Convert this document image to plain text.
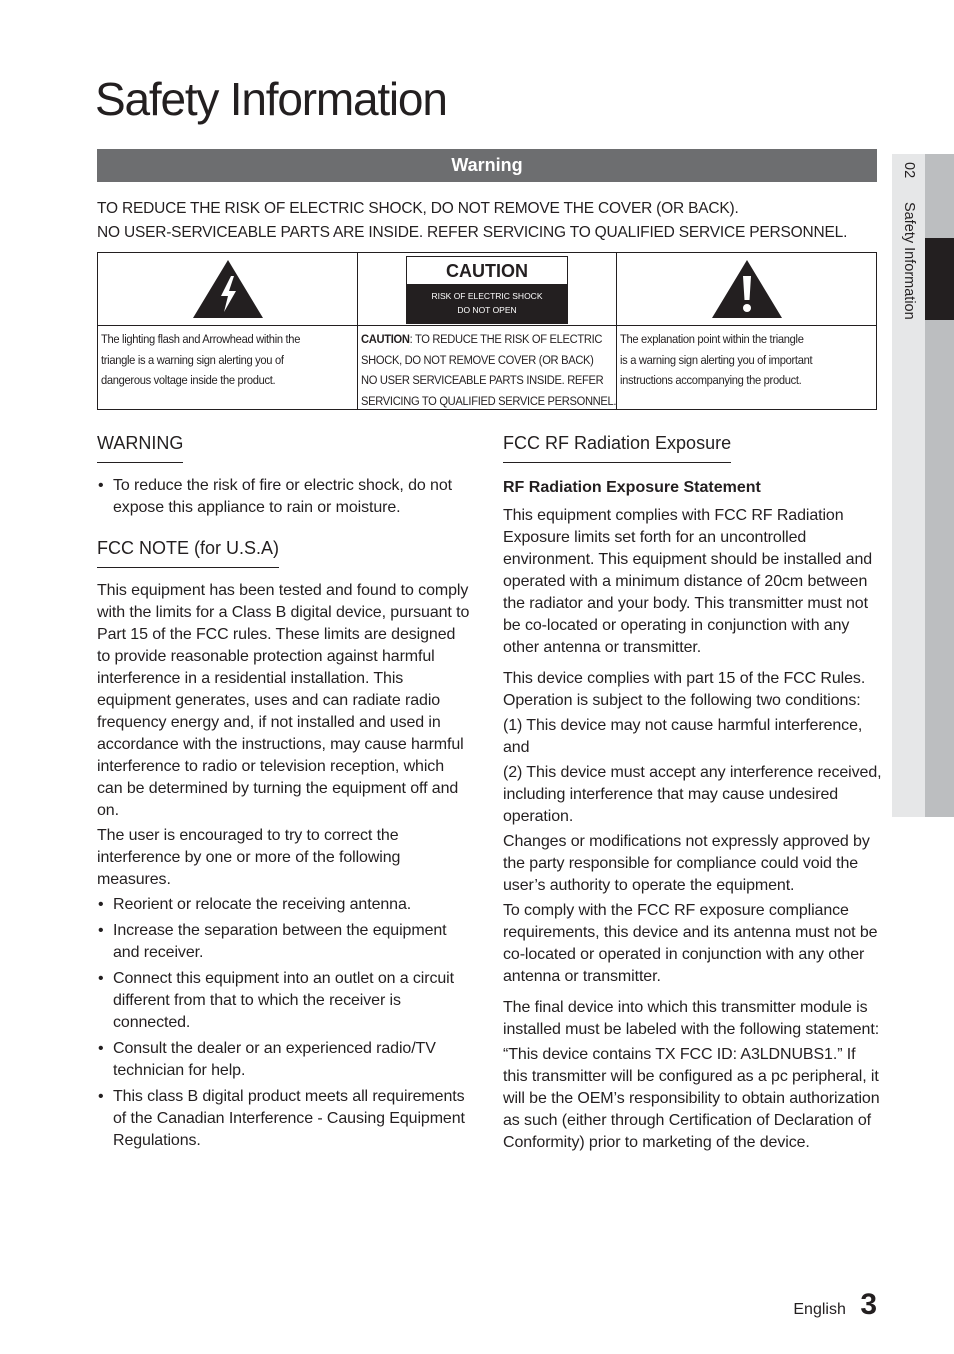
Safety Information
Warning
TO REDUCE THE RISK OF ELECTRIC SHOCK, DO NOT REMOVE THE COVER (OR BACK).
NO USER-SERVICEABLE PARTS ARE INSIDE. REFER SERVICING TO QUALIFIED SERVICE PERSONNEL.
The lighting flash and Arrowhead within the
triangle is a warning sign alerting you of
dangerous voltage inside the product.
CAUTION
RISK OF ELECTRIC SHOCK
DO NOT OPEN
CAUTION: TO REDUCE THE RISK OF ELECTRIC
SHOCK, DO NOT REMOVE COVER (OR BACK)
NO USER SERVICEABLE PARTS INSIDE. REFER
SERVICING TO QUALIFIED SERVICE PERSONNEL.
The explanation point within the triangle
is a warning sign alerting you of important
instructions accompanying the product.
WARNING
• To reduce the risk of fire or electric shock, do not expose this appliance to rain or moisture.
FCC NOTE (for U.S.A)

This equipment has been tested and found to comply with the limits for a Class B digital device, pursuant to Part 15 of the FCC rules. These limits are designed to provide reasonable protection against harmful interference in a residential installation. This equipment generates, uses and can radiate radio frequency energy and, if not installed and used in accordance with the instructions, may cause harmful interference to radio or television reception, which can be determined by turning the equipment off and on.

The user is encouraged to try to correct the interference by one or more of the following measures.

• Reorient or relocate the receiving antenna.
• Increase the separation between the equipment and receiver.
• Connect this equipment into an outlet on a circuit different from that to which the receiver is connected.
• Consult the dealer or an experienced radio/TV technician for help.
• This class B digital product meets all requirements of the Canadian Interference - Causing Equipment Regulations.
FCC RF Radiation Exposure
RF Radiation Exposure Statement

This equipment complies with FCC RF Radiation Exposure limits set forth for an uncontrolled environment. This equipment should be installed and operated with a minimum distance of 20cm between the radiator and your body. This transmitter must not be co-located or operating in conjunction with any other antenna or transmitter.

This device complies with part 15 of the FCC Rules. Operation is subject to the following two conditions:

(1) This device may not cause harmful interference, and

(2) This device must accept any interference received, including interference that may cause undesired operation.

Changes or modifications not expressly approved by the party responsible for compliance could void the user’s authority to operate the equipment.

To comply with the FCC RF exposure compliance requirements, this device and its antenna must not be co-located or operated in conjunction with any other antenna or transmitter.

The final device into which this transmitter module is installed must be labeled with the following statement:

“This device contains TX FCC ID: A3LDNUBS1.” If this transmitter will be configured as a pc peripheral, it will be the OEM’s responsibility to obtain authorization as such (either through Certification of Declaration of Conformity) prior to marketing of the device.

02 Safety Information
English 3
